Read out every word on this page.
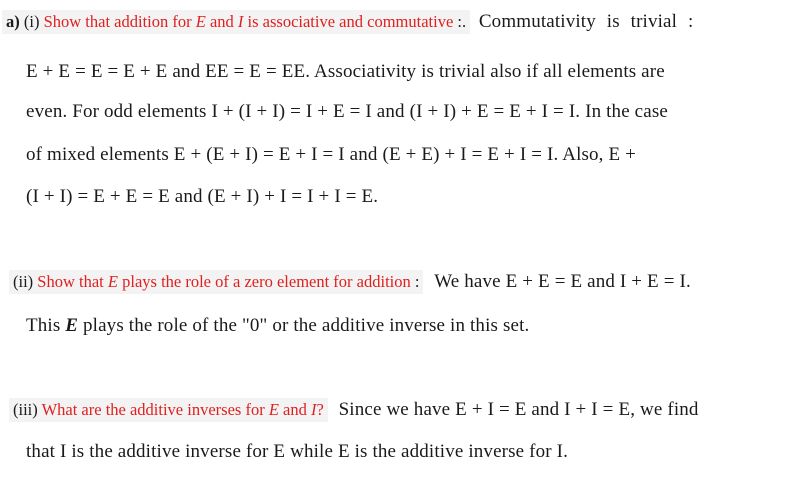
a) (i) Show that addition for E and I is associative and commutative :. Commutativity is trivial :
E + E = E = E + E and EE = E = EE. Associativity is trivial also if all elements are
even. For odd elements I + (I + I) = I + E = I and (I + I) + E = E + I = I. In the case
of mixed elements E + (E + I) = E + I = I and (E + E) + I = E + I = I. Also, E +
(I + I) = E + E = E and (E + I) + I = I + I = E.
(ii) Show that E plays the role of a zero element for addition : We have E + E = E and I + E = I.
This E plays the role of the "0" or the additive inverse in this set.
(iii) What are the additive inverses for E and I? Since we have E + I = E and I + I = E, we find
that I is the additive inverse for E while E is the additive inverse for I.
